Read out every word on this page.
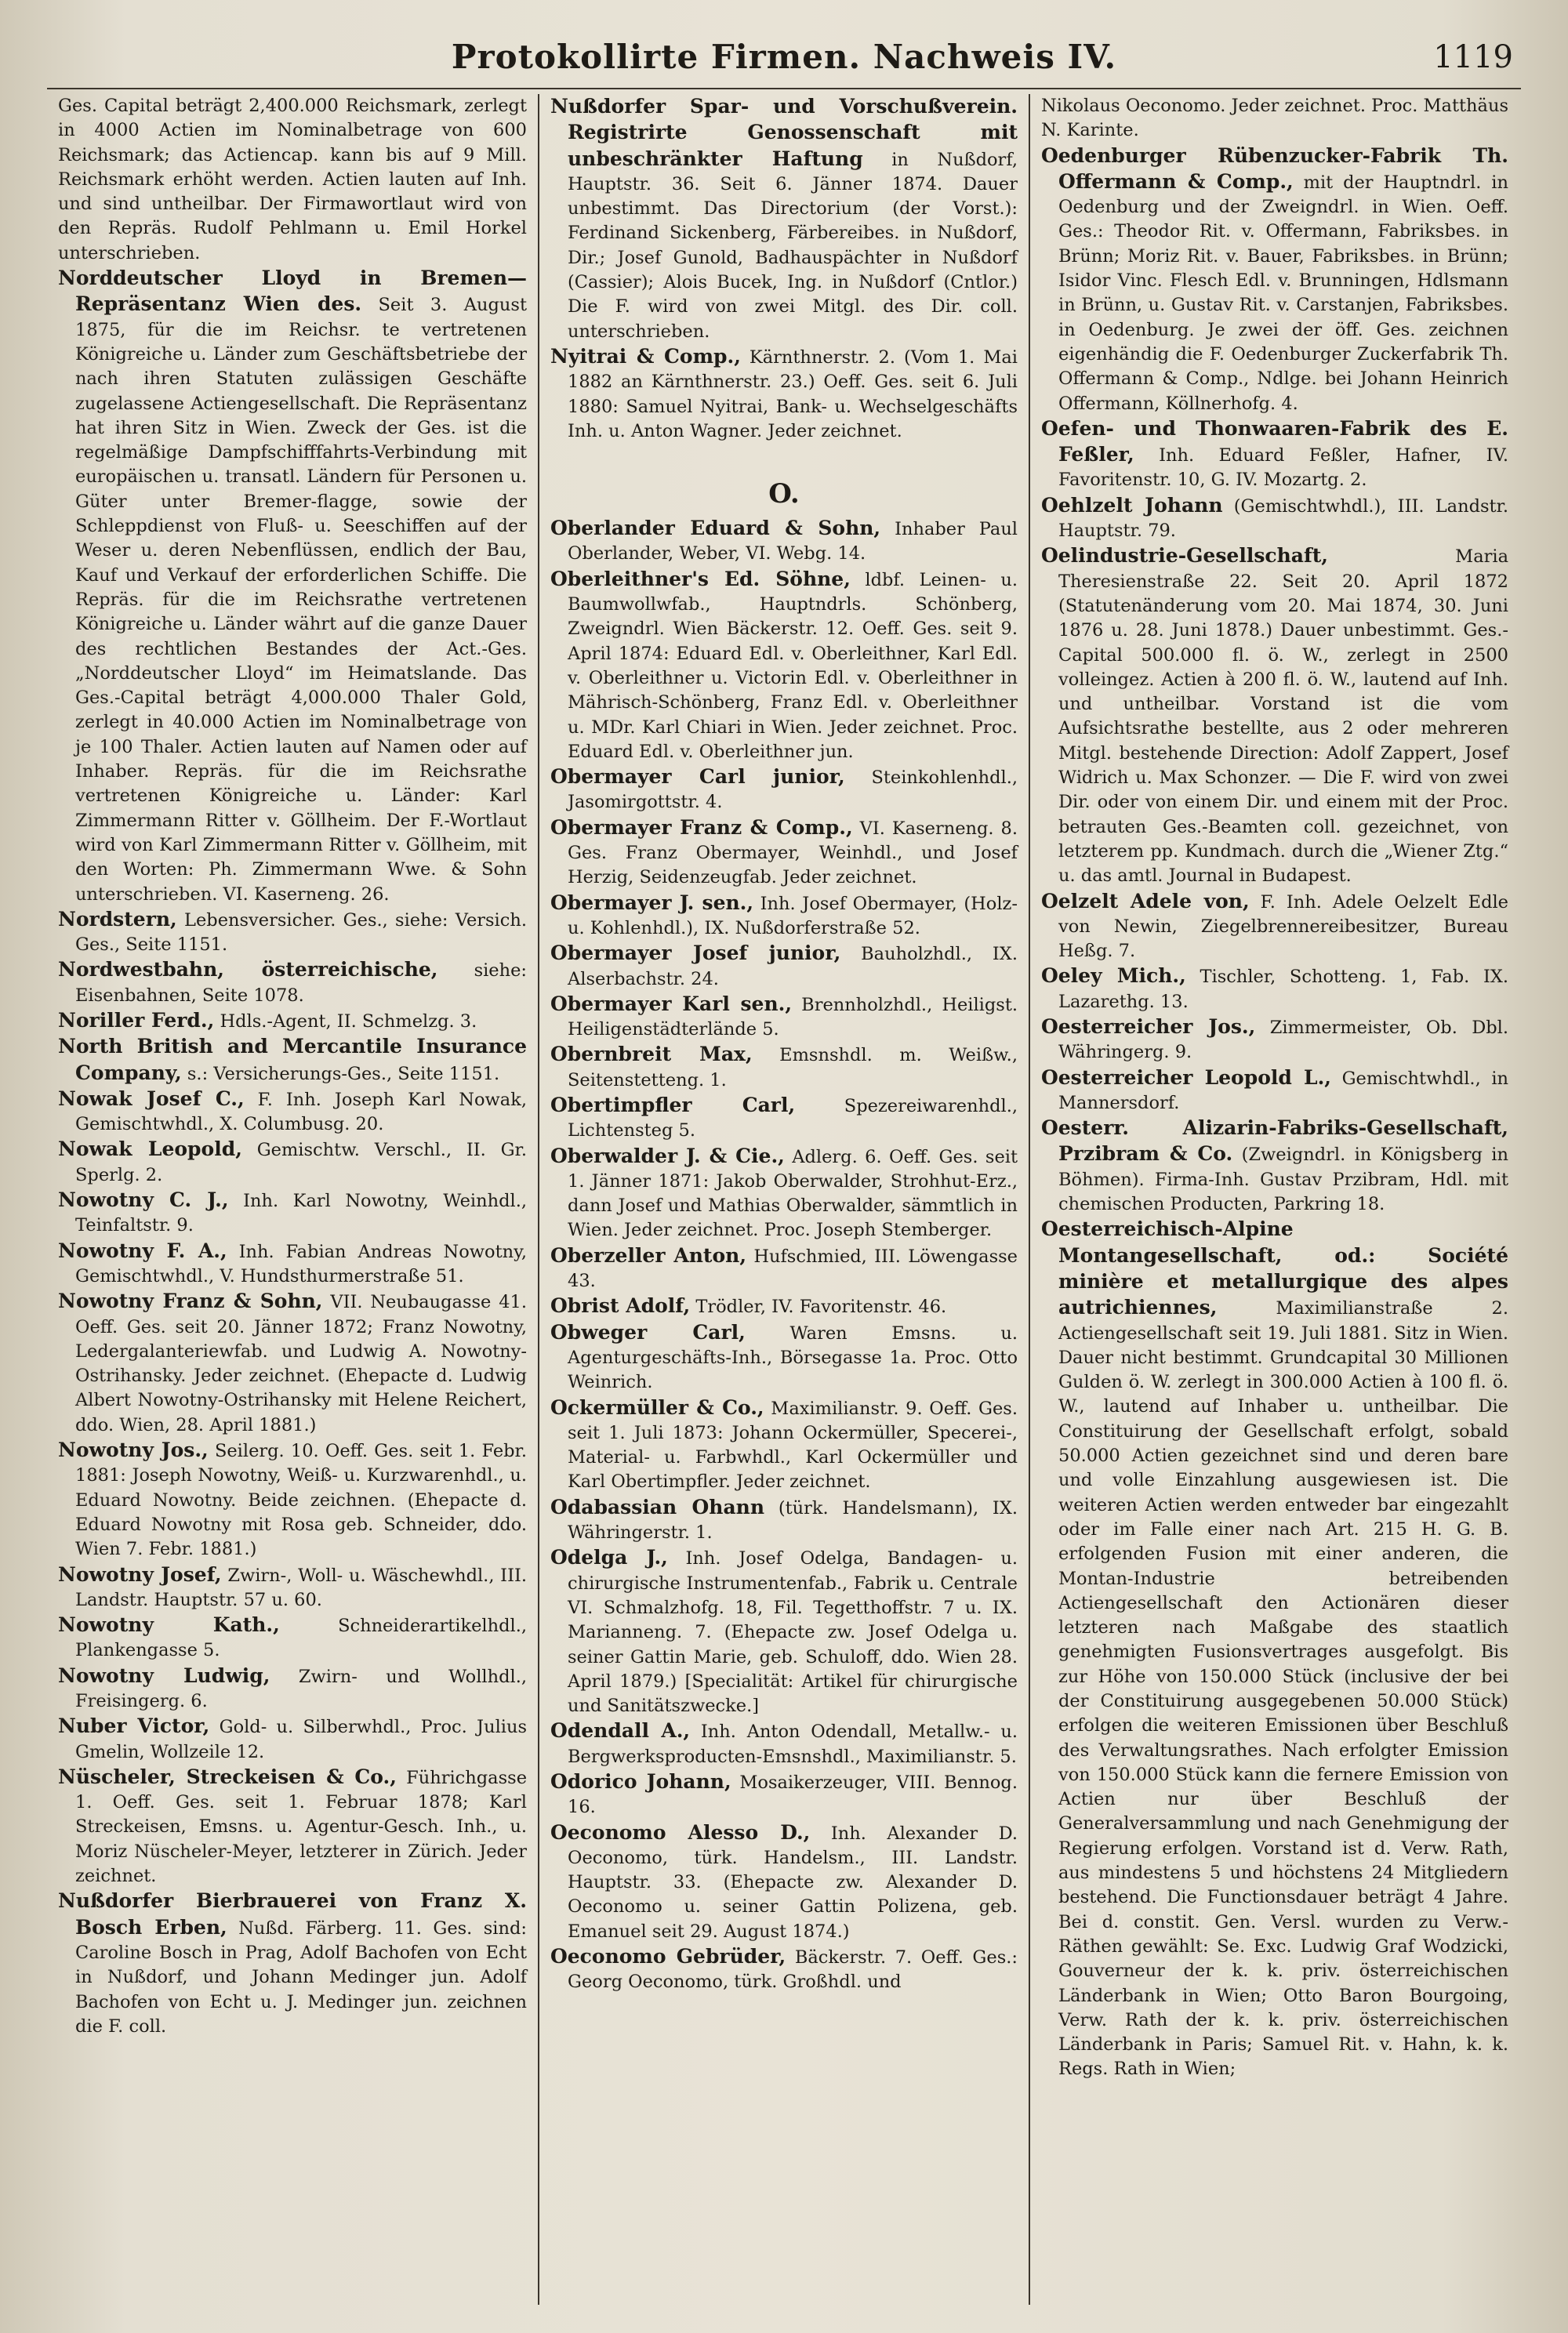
Protokollirte Firmen. Nachweis IV.	1119

Ges. Capital beträgt 2,400.000 Reichsmark, zerlegt in 4000 Actien im Nominalbetrage von 600 Reichsmark; das Actiencap. kann bis auf 9 Mill. Reichsmark erhöht werden. Actien lauten auf Inh. und sind untheilbar. Der Firmawortlaut wird von den Repräs. Rudolf Pehlmann u. Emil Horkel unterschrieben.

Norddeutscher Lloyd in Bremen—Repräsentanz Wien des. Seit 3. August 1875, für die im Reichsr. te vertretenen Königreiche u. Länder zum Geschäftsbetriebe der nach ihren Statuten zulässigen Geschäfte zugelassene Actiengesellschaft. Die Repräsentanz hat ihren Sitz in Wien. Zweck der Ges. ist die regelmäßige Dampfschifffahrts-Verbindung mit europäischen u. transatl. Ländern für Personen u. Güter unter Bremer-flagge, sowie der Schleppdienst von Fluß- u. Seeschiffen auf der Weser u. deren Nebenflüssen, endlich der Bau, Kauf und Verkauf der erforderlichen Schiffe. Die Repräs. für die im Reichsrathe vertretenen Königreiche u. Länder währt auf die ganze Dauer des rechtlichen Bestandes der Act.-Ges. „Norddeutscher Lloyd“ im Heimatslande. Das Ges.-Capital beträgt 4,000.000 Thaler Gold, zerlegt in 40.000 Actien im Nominalbetrage von je 100 Thaler. Actien lauten auf Namen oder auf Inhaber. Repräs. für die im Reichsrathe vertretenen Königreiche u. Länder: Karl Zimmermann Ritter v. Göllheim. Der F.-Wortlaut wird von Karl Zimmermann Ritter v. Göllheim, mit den Worten: Ph. Zimmermann Wwe. & Sohn unterschrieben. VI. Kaserneng. 26.

Nordstern, Lebensversicher. Ges., siehe: Versich. Ges., Seite 1151.

Nordwestbahn, österreichische, siehe: Eisenbahnen, Seite 1078.

Noriller Ferd., Hdls.-Agent, II. Schmelzg. 3.

North British and Mercantile Insurance Company, s.: Versicherungs-Ges., Seite 1151.

Nowak Josef C., F. Inh. Joseph Karl Nowak, Gemischtwhdl., X. Columbusg. 20.

Nowak Leopold, Gemischtw. Verschl., II. Gr. Sperlg. 2.

Nowotny C. J., Inh. Karl Nowotny, Weinhdl., Teinfaltstr. 9.

Nowotny F. A., Inh. Fabian Andreas Nowotny, Gemischtwhdl., V. Hundsthurmerstraße 51.

Nowotny Franz & Sohn, VII. Neubaugasse 41. Oeff. Ges. seit 20. Jänner 1872; Franz Nowotny, Ledergalanteriewfab. und Ludwig A. Nowotny-Ostrihansky. Jeder zeichnet. (Ehepacte d. Ludwig Albert Nowotny-Ostrihansky mit Helene Reichert, ddo. Wien, 28. April 1881.)

Nowotny Jos., Seilerg. 10. Oeff. Ges. seit 1. Febr. 1881: Joseph Nowotny, Weiß- u. Kurzwarenhdl., u. Eduard Nowotny. Beide zeichnen. (Ehepacte d. Eduard Nowotny mit Rosa geb. Schneider, ddo. Wien 7. Febr. 1881.)

Nowotny Josef, Zwirn-, Woll- u. Wäschewhdl., III. Landstr. Hauptstr. 57 u. 60.

Nowotny Kath.,	Schneiderartikelhdl., Plankengasse 5.

Nowotny Ludwig, Zwirn- und Wollhdl., Freisingerg. 6.

Nuber Victor, Gold- u. Silberwhdl., Proc. Julius Gmelin, Wollzeile 12.

Nüscheler, Streckeisen & Co., Führichgasse 1. Oeff. Ges. seit 1. Februar 1878; Karl Streckeisen, Emsns. u. Agentur-Gesch. Inh., u. Moriz Nüscheler-Meyer, letzterer in Zürich. Jeder zeichnet.

Nußdorfer Bierbrauerei von Franz X. Bosch Erben, Nußd. Färberg. 11. Ges. sind: Caroline Bosch in Prag, Adolf Bachofen von Echt in Nußdorf, und Johann Medinger jun. Adolf Bachofen von Echt u. J. Medinger jun. zeichnen die F. coll.

Nußdorfer Spar- und Vorschußverein. Registrirte Genossenschaft mit unbeschränkter Haftung in Nußdorf, Hauptstr. 36. Seit 6. Jänner 1874. Dauer unbestimmt. Das Directorium (der Vorst.): Ferdinand Sickenberg, Färbereibes. in Nußdorf, Dir.; Josef Gunold, Badhauspächter in Nußdorf (Cassier); Alois Bucek, Ing. in Nußdorf (Cntlor.) Die F. wird von zwei Mitgl. des Dir. coll. unterschrieben.

Nyitrai & Comp., Kärnthnerstr. 2. (Vom 1. Mai 1882 an Kärnthnerstr. 23.) Oeff. Ges. seit 6. Juli 1880: Samuel Nyitrai, Bank- u. Wechselgeschäfts Inh. u. Anton Wagner. Jeder zeichnet.

O.

Oberlander Eduard & Sohn, Inhaber Paul Oberlander, Weber, VI. Webg. 14.

Oberleithner's Ed. Söhne, ldbf. Leinen- u. Baumwollwfab., Hauptndrls. Schönberg, Zweigndrl. Wien Bäckerstr. 12. Oeff. Ges. seit 9. April 1874: Eduard Edl. v. Oberleithner, Karl Edl. v. Oberleithner u. Victorin Edl. v. Oberleithner in Mährisch-Schönberg, Franz Edl. v. Oberleithner u. MDr. Karl Chiari in Wien. Jeder zeichnet. Proc. Eduard Edl. v. Oberleithner jun.

Obermayer Carl junior, Steinkohlenhdl., Jasomirgottstr. 4.

Obermayer Franz & Comp., VI. Kaserneng. 8. Ges. Franz Obermayer, Weinhdl., und Josef Herzig, Seidenzeugfab. Jeder zeichnet.

Obermayer J. sen., Inh. Josef Obermayer, (Holz- u. Kohlenhdl.), IX. Nußdorferstraße 52.

Obermayer Josef junior, Bauholzhdl., IX. Alserbachstr. 24.

Obermayer Karl sen., Brennholzhdl., Heiligst. Heiligenstädterlände 5.

Obernbreit Max, Emsnshdl. m. Weißw., Seitenstetteng. 1.

Obertimpfler Carl,	Spezereiwarenhdl., Lichtensteg 5.

Oberwalder J. & Cie., Adlerg. 6. Oeff. Ges. seit 1. Jänner 1871: Jakob Oberwalder, Strohhut-Erz., dann Josef und Mathias Oberwalder, sämmtlich in Wien. Jeder zeichnet. Proc. Joseph Stemberger.

Oberzeller Anton, Hufschmied, III. Löwengasse 43.

Obrist Adolf, Trödler, IV. Favoritenstr. 46.

Obweger Carl,	Waren Emsns. u. Agenturgeschäfts-Inh., Börsegasse 1a. Proc. Otto Weinrich.

Ockermüller & Co., Maximilianstr. 9. Oeff. Ges. seit 1. Juli 1873: Johann Ockermüller, Specerei-, Material- u. Farbwhdl., Karl Ockermüller und Karl Obertimpfler. Jeder zeichnet.

Odabassian Ohann (türk. Handelsmann), IX. Währingerstr. 1.

Odelga J., Inh. Josef Odelga, Bandagen- u. chirurgische Instrumentenfab., Fabrik u. Centrale VI. Schmalzhofg. 18, Fil. Tegetthoffstr. 7 u. IX. Marianneng. 7. (Ehepacte zw. Josef Odelga u. seiner Gattin Marie, geb. Schuloff, ddo. Wien 28. April 1879.) [Specialität: Artikel für chirurgische und Sanitätszwecke.]

Odendall A., Inh. Anton Odendall, Metallw.- u. Bergwerksproducten-Emsnshdl., Maximilianstr. 5.

Odorico Johann, Mosaikerzeuger, VIII. Bennog. 16.

Oeconomo Alesso D., Inh. Alexander D. Oeconomo, türk. Handelsm., III. Landstr. Hauptstr. 33. (Ehepacte zw. Alexander D. Oeconomo u. seiner Gattin Polizena, geb. Emanuel seit 29. August 1874.)

Oeconomo Gebrüder, Bäckerstr. 7. Oeff. Ges.: Georg Oeconomo, türk. Großhdl. und

Nikolaus Oeconomo. Jeder zeichnet. Proc. Matthäus N. Karinte.

Oedenburger Rübenzucker-Fabrik Th. Offermann & Comp., mit der Hauptndrl. in Oedenburg und der Zweigndrl. in Wien. Oeff. Ges.: Theodor Rit. v. Offermann, Fabriksbes. in Brünn; Moriz Rit. v. Bauer, Fabriksbes. in Brünn; Isidor Vinc. Flesch Edl. v. Brunningen, Hdlsmann in Brünn, u. Gustav Rit. v. Carstanjen, Fabriksbes. in Oedenburg. Je zwei der öff. Ges. zeichnen eigenhändig die F. Oedenburger Zuckerfabrik Th. Offermann & Comp., Ndlge. bei Johann Heinrich Offermann, Köllnerhofg. 4.

Oefen- und Thonwaaren-Fabrik des E. Feßler, Inh. Eduard Feßler, Hafner, IV. Favoritenstr. 10, G. IV. Mozartg. 2.

Oehlzelt Johann (Gemischtwhdl.), III. Landstr. Hauptstr. 79.

Oelindustrie-Gesellschaft,	Maria Theresienstraße 22. Seit 20. April 1872 (Statutenänderung vom 20. Mai 1874, 30. Juni 1876 u. 28. Juni 1878.) Dauer unbestimmt. Ges.-Capital 500.000 fl. ö. W., zerlegt in 2500 volleingez. Actien à 200 fl. ö. W., lautend auf Inh. und untheilbar. Vorstand ist die vom Aufsichtsrathe bestellte, aus 2 oder mehreren Mitgl. bestehende Direction: Adolf Zappert, Josef Widrich u. Max Schonzer. — Die F. wird von zwei Dir. oder von einem Dir. und einem mit der Proc. betrauten Ges.-Beamten coll. gezeichnet, von letzterem pp. Kundmach. durch die „Wiener Ztg.“ u. das amtl. Journal in Budapest.

Oelzelt Adele von, F. Inh. Adele Oelzelt Edle von Newin, Ziegelbrennereibesitzer, Bureau Heßg. 7.

Oeley Mich., Tischler, Schotteng. 1, Fab. IX. Lazarethg. 13.

Oesterreicher Jos., Zimmermeister, Ob. Dbl. Währingerg. 9.

Oesterreicher Leopold L., Gemischtwhdl., in Mannersdorf.

Oesterr. Alizarin-Fabriks-Gesellschaft, Przibram & Co. (Zweigndrl. in Königsberg in Böhmen). Firma-Inh. Gustav Przibram, Hdl. mit chemischen Producten, Parkring 18.

Oesterreichisch-Alpine Montangesellschaft, od.: Société minière et metallurgique des alpes autrichiennes,	Maximilianstraße 2. Actiengesellschaft seit 19. Juli 1881. Sitz in Wien. Dauer nicht bestimmt. Grundcapital 30 Millionen Gulden ö. W. zerlegt in 300.000 Actien à 100 fl. ö. W., lautend auf Inhaber u. untheilbar. Die Constituirung der Gesellschaft erfolgt, sobald 50.000 Actien gezeichnet sind und deren bare und volle Einzahlung ausgewiesen ist. Die weiteren Actien werden entweder bar eingezahlt oder im Falle einer nach Art. 215 H. G. B. erfolgenden Fusion mit einer anderen, die Montan-Industrie betreibenden Actiengesellschaft den Actionären dieser letzteren nach Maßgabe des staatlich genehmigten Fusionsvertrages ausgefolgt. Bis zur Höhe von 150.000 Stück (inclusive der bei der Constituirung ausgegebenen 50.000 Stück) erfolgen die weiteren Emissionen über Beschluß des Verwaltungsrathes. Nach erfolgter Emission von 150.000 Stück kann die fernere Emission von Actien nur über Beschluß der Generalversammlung und nach Genehmigung der Regierung erfolgen. Vorstand ist d. Verw. Rath, aus mindestens 5 und höchstens 24 Mitgliedern bestehend. Die Functionsdauer beträgt 4 Jahre. Bei d. constit. Gen. Versl. wurden zu Verw.-Räthen gewählt: Se. Exc. Ludwig Graf Wodzicki, Gouverneur der k. k. priv. österreichischen Länderbank in Wien; Otto Baron Bourgoing, Verw. Rath der k. k. priv. österreichischen Länderbank in Paris; Samuel Rit. v. Hahn, k. k. Regs. Rath in Wien;
